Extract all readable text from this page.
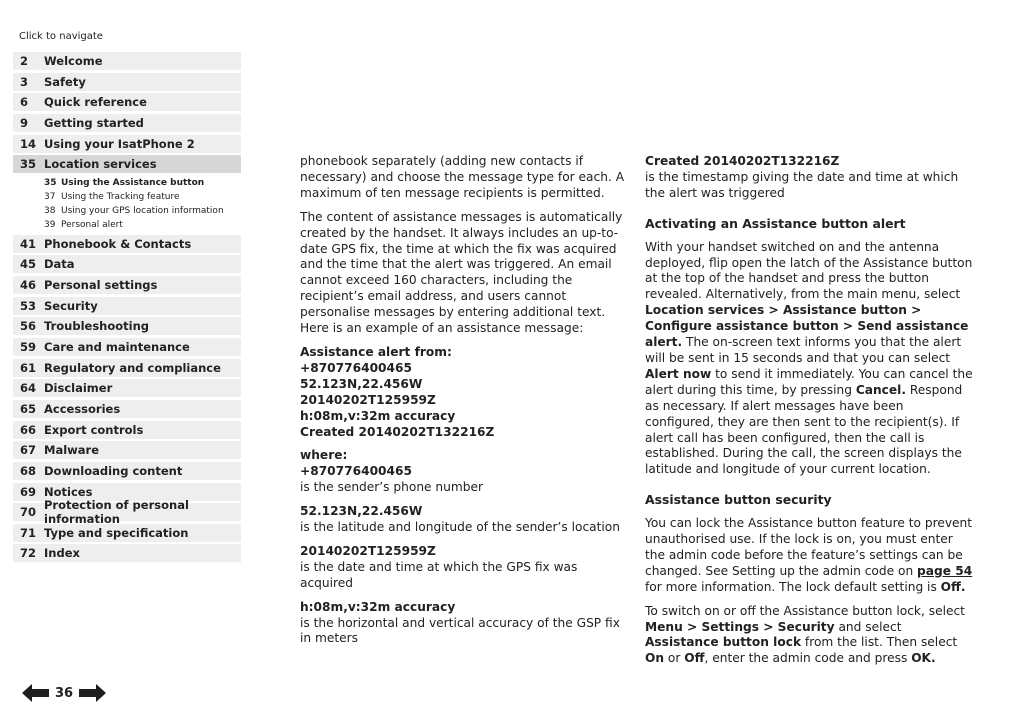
Click to navigate
2	Welcome
3	Safety
6	Quick reference
9	Getting started
14 Using your IsatPhone 2
35 Location services
35 Using the Assistance button
37 Using the Tracking feature
38 Using your GPS location information
39 Personal alert
41 Phonebook & Contacts
45 Data
46 Personal settings
53 Security
56 Troubleshooting
59 Care and maintenance
61 Regulatory and compliance
64 Disclaimer
65 Accessories
66 Export controls
67 Malware
68 Downloading content
69 Notices
70 Protection of personal information
71 Type and specification
72 Index

phonebook separately (adding new contacts if necessary) and choose the message type for each. A maximum of ten message recipients is permitted.

The content of assistance messages is automatically created by the handset. It always includes an up-to-date GPS fix, the time at which the fix was acquired and the time that the alert was triggered. An email cannot exceed 160 characters, including the recipient’s email address, and users cannot personalise messages by entering additional text. Here is an example of an assistance message:

Assistance alert from:
+870776400465
52.123N,22.456W
20140202T125959Z
h:08m,v:32m accuracy
Created 20140202T132216Z

where:
+870776400465
is the sender’s phone number

52.123N,22.456W
is the latitude and longitude of the sender’s location

20140202T125959Z
is the date and time at which the GPS fix was acquired

h:08m,v:32m accuracy
is the horizontal and vertical accuracy of the GSP fix in meters

Created 20140202T132216Z
is the timestamp giving the date and time at which the alert was triggered

Activating an Assistance button alert

With your handset switched on and the antenna deployed, flip open the latch of the Assistance button at the top of the handset and press the button revealed. Alternatively, from the main menu, select Location services > Assistance button > Configure assistance button > Send assistance alert. The on-screen text informs you that the alert will be sent in 15 seconds and that you can select Alert now to send it immediately. You can cancel the alert during this time, by pressing Cancel. Respond as necessary. If alert messages have been configured, they are then sent to the recipient(s). If alert call has been configured, then the call is established. During the call, the screen displays the latitude and longitude of your current location.

Assistance button security

You can lock the Assistance button feature to prevent unauthorised use. If the lock is on, you must enter the admin code before the feature’s settings can be changed. See Setting up the admin code on page 54 for more information. The lock default setting is Off.

To switch on or off the Assistance button lock, select Menu > Settings > Security and select Assistance button lock from the list. Then select On or Off, enter the admin code and press OK.

36
